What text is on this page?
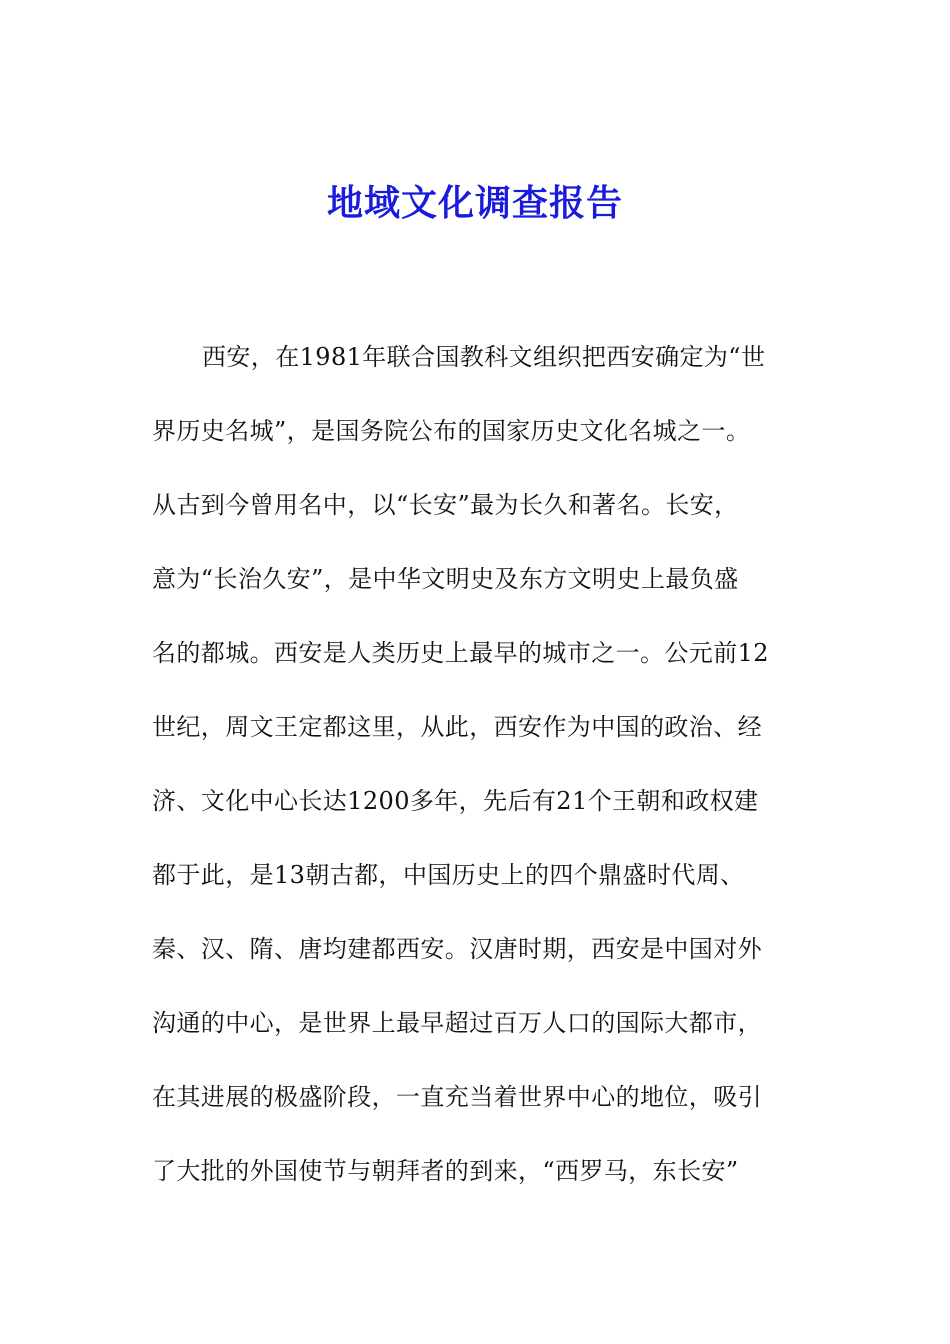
地域文化调查报告
西安，在1981年联合国教科文组织把西安确定为“世
界历史名城”，是国务院公布的国家历史文化名城之一。
从古到今曾用名中，以“长安”最为长久和著名。长安，
意为“长治久安”，是中华文明史及东方文明史上最负盛
名的都城。西安是人类历史上最早的城市之一。公元前12
世纪，周文王定都这里，从此，西安作为中国的政治、经
济、文化中心长达1200多年，先后有21个王朝和政权建
都于此，是13朝古都，中国历史上的四个鼎盛时代周、
秦、汉、隋、唐均建都西安。汉唐时期，西安是中国对外
沟通的中心，是世界上最早超过百万人口的国际大都市，
在其进展的极盛阶段，一直充当着世界中心的地位，吸引
了大批的外国使节与朝拜者的到来，“西罗马，东长安”
